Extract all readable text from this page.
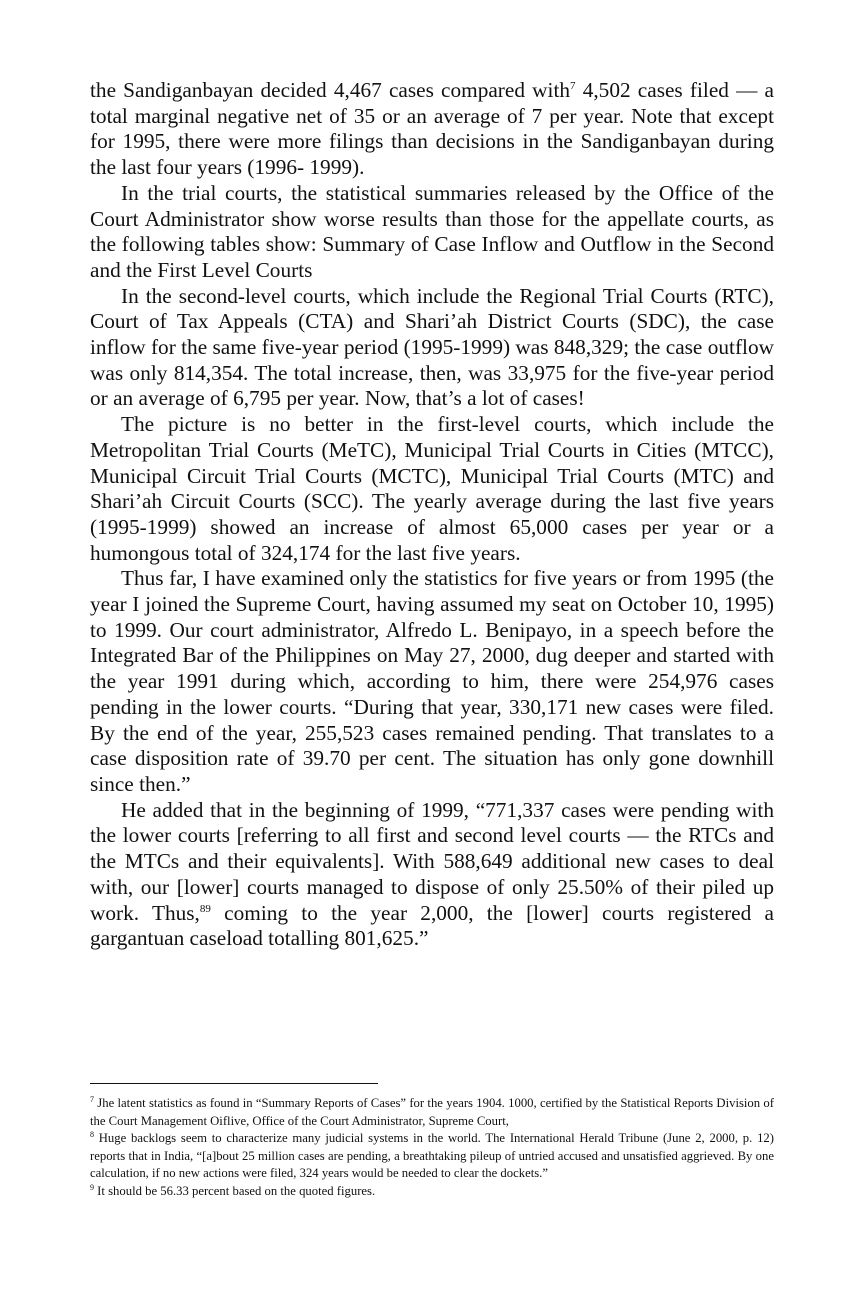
the Sandiganbayan decided 4,467 cases compared with$^7$ 4,502 cases filed — a total marginal negative net of 35 or an average of 7 per year. Note that except for 1995, there were more filings than decisions in the Sandiganbayan during the last four years (1996- 1999).

In the trial courts, the statistical summaries released by the Office of the Court Administrator show worse results than those for the appellate courts, as the following tables show: Summary of Case Inflow and Outflow in the Second and the First Level Courts

In the second-level courts, which include the Regional Trial Courts (RTC), Court of Tax Appeals (CTA) and Shari’ah District Courts (SDC), the case inflow for the same five-year period (1995-1999) was 848,329; the case outflow was only 814,354. The total increase, then, was 33,975 for the five-year period or an average of 6,795 per year. Now, that’s a lot of cases!

The picture is no better in the first-level courts, which include the Metropolitan Trial Courts (MeTC), Municipal Trial Courts in Cities (MTCC), Municipal Circuit Trial Courts (MCTC), Municipal Trial Courts (MTC) and Shari’ah Circuit Courts (SCC). The yearly average during the last five years (1995-1999) showed an increase of almost 65,000 cases per year or a humongous total of 324,174 for the last five years.

Thus far, I have examined only the statistics for five years or from 1995 (the year I joined the Supreme Court, having assumed my seat on October 10, 1995) to 1999. Our court administrator, Alfredo L. Benipayo, in a speech before the Integrated Bar of the Philippines on May 27, 2000, dug deeper and started with the year 1991 during which, according to him, there were 254,976 cases pending in the lower courts. “During that year, 330,171 new cases were filed. By the end of the year, 255,523 cases remained pending. That translates to a case disposition rate of 39.70 per cent. The situation has only gone downhill since then.”

He added that in the beginning of 1999, “771,337 cases were pending with the lower courts [referring to all first and second level courts — the RTCs and the MTCs and their equivalents]. With 588,649 additional new cases to deal with, our [lower] courts managed to dispose of only 25.50% of their piled up work. Thus,$^{89}$ coming to the year 2,000, the [lower] courts registered a gargantuan caseload totalling 801,625.”

$^7$ Jhe latent statistics as found in “Summary Reports of Cases” for the years 1904. 1000, certified by the Statistical Reports Division of the Court Management Oiflive, Office of the Court Administrator, Supreme Court,

$^8$ Huge backlogs seem to characterize many judicial systems in the world. The International Herald Tribune (June 2, 2000, p. 12) reports that in India, “[a]bout 25 million cases are pending, a breathtaking pileup of untried accused and unsatisfied aggrieved. By one calculation, if no new actions were filed, 324 years would be needed to clear the dockets.”

$^9$ It should be 56.33 percent based on the quoted figures.
